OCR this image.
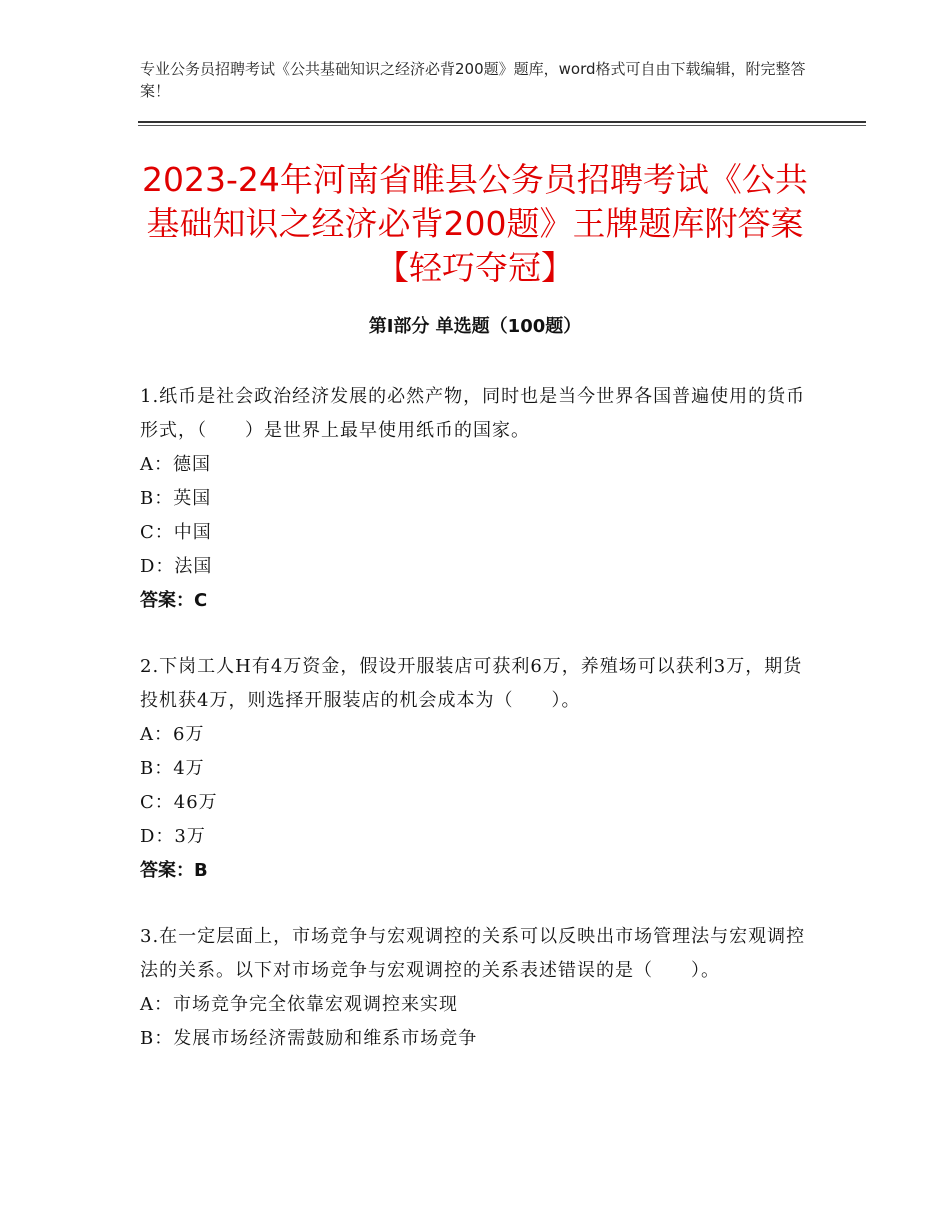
专业公务员招聘考试《公共基础知识之经济必背200题》题库，word格式可自由下载编辑，附完整答案！
2023-24年河南省睢县公务员招聘考试《公共基础知识之经济必背200题》王牌题库附答案【轻巧夺冠】
第I部分 单选题（100题）

1.纸币是社会政治经济发展的必然产物，同时也是当今世界各国普遍使用的货币形式，（　　）是世界上最早使用纸币的国家。

A：德国

B：英国

C：中国

D：法国

答案：C

2.下岗工人H有4万资金，假设开服装店可获利6万，养殖场可以获利3万，期货投机获4万，则选择开服装店的机会成本为（　　）。

A：6万

B：4万

C：46万

D：3万

答案：B

3.在一定层面上，市场竞争与宏观调控的关系可以反映出市场管理法与宏观调控法的关系。以下对市场竞争与宏观调控的关系表述错误的是（　　）。

A：市场竞争完全依靠宏观调控来实现

B：发展市场经济需鼓励和维系市场竞争
